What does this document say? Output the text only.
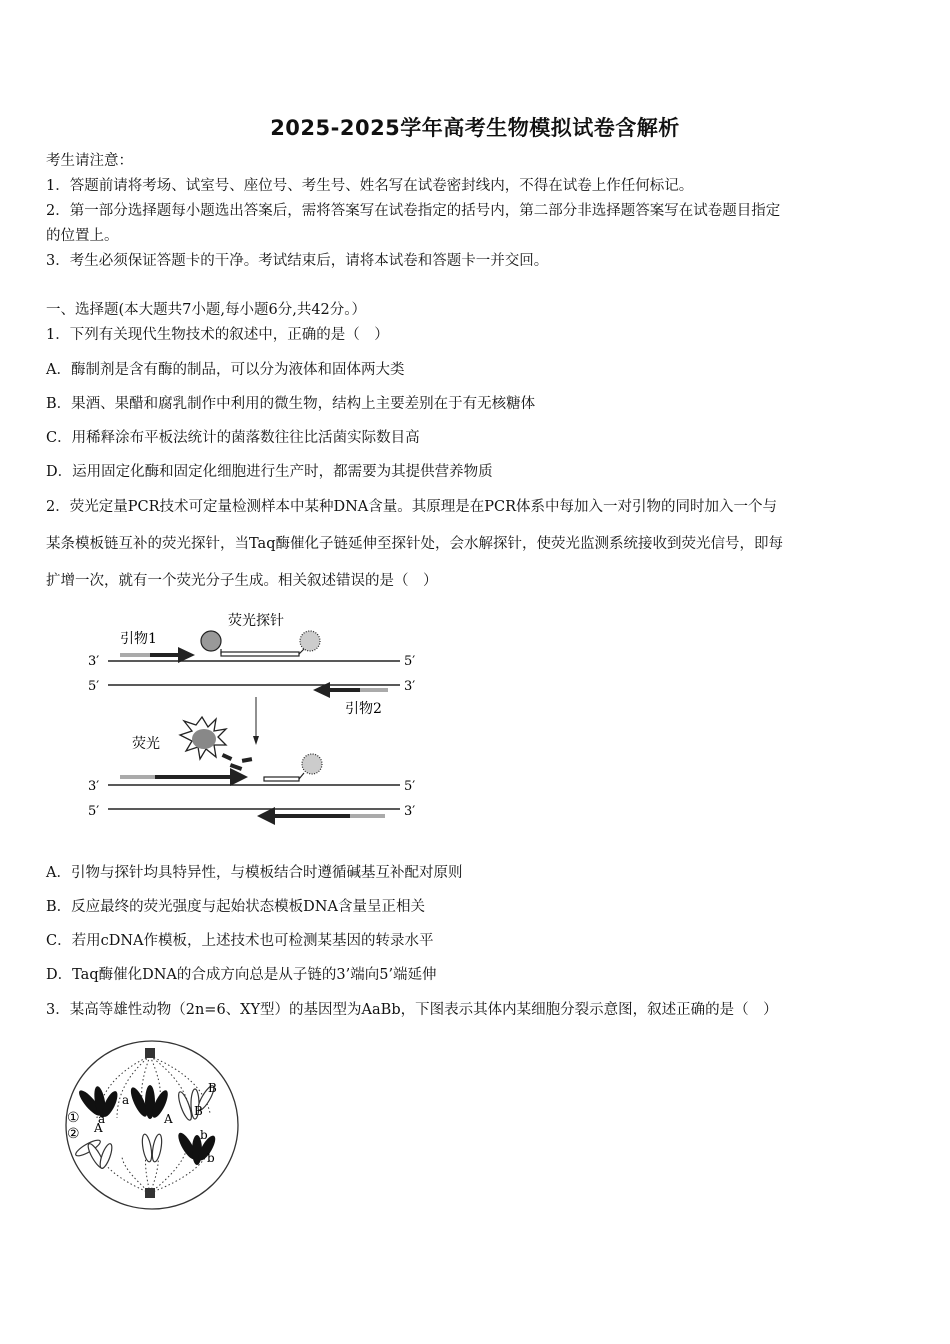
2025-2025学年高考生物模拟试卷含解析
考生请注意：
1．答题前请将考场、试室号、座位号、考生号、姓名写在试卷密封线内，不得在试卷上作任何标记。
2．第一部分选择题每小题选出答案后，需将答案写在试卷指定的括号内，第二部分非选择题答案写在试卷题目指定
的位置上。
3．考生必须保证答题卡的干净。考试结束后，请将本试卷和答题卡一并交回。
一、选择题(本大题共7小题,每小题6分,共42分。）
1．下列有关现代生物技术的叙述中，正确的是（　）
A．酶制剂是含有酶的制品，可以分为液体和固体两大类
B．果酒、果醋和腐乳制作中利用的微生物，结构上主要差别在于有无核糖体
C．用稀释涂布平板法统计的菌落数往往比活菌实际数目高
D．运用固定化酶和固定化细胞进行生产时，都需要为其提供营养物质
2．荧光定量PCR技术可定量检测样本中某种DNA含量。其原理是在PCR体系中每加入一对引物的同时加入一个与
某条模板链互补的荧光探针，当Taq酶催化子链延伸至探针处，会水解探针，使荧光监测系统接收到荧光信号，即每
扩增一次，就有一个荧光分子生成。相关叙述错误的是（　）
引物1
荧光探针
3′	5′
5′	3′
引物2
荧光
3′	5′
5′	3′
A．引物与探针均具特异性，与模板结合时遵循碱基互补配对原则
B．反应最终的荧光强度与起始状态模板DNA含量呈正相关
C．若用cDNA作模板，上述技术也可检测某基因的转录水平
D．Taq酶催化DNA的合成方向总是从子链的3’端向5’端延伸
3．某高等雄性动物（2n=6、XY型）的基因型为AaBb，下图表示其体内某细胞分裂示意图，叙述正确的是（　）
①
②
a
a
A
A
B
B
b
b
